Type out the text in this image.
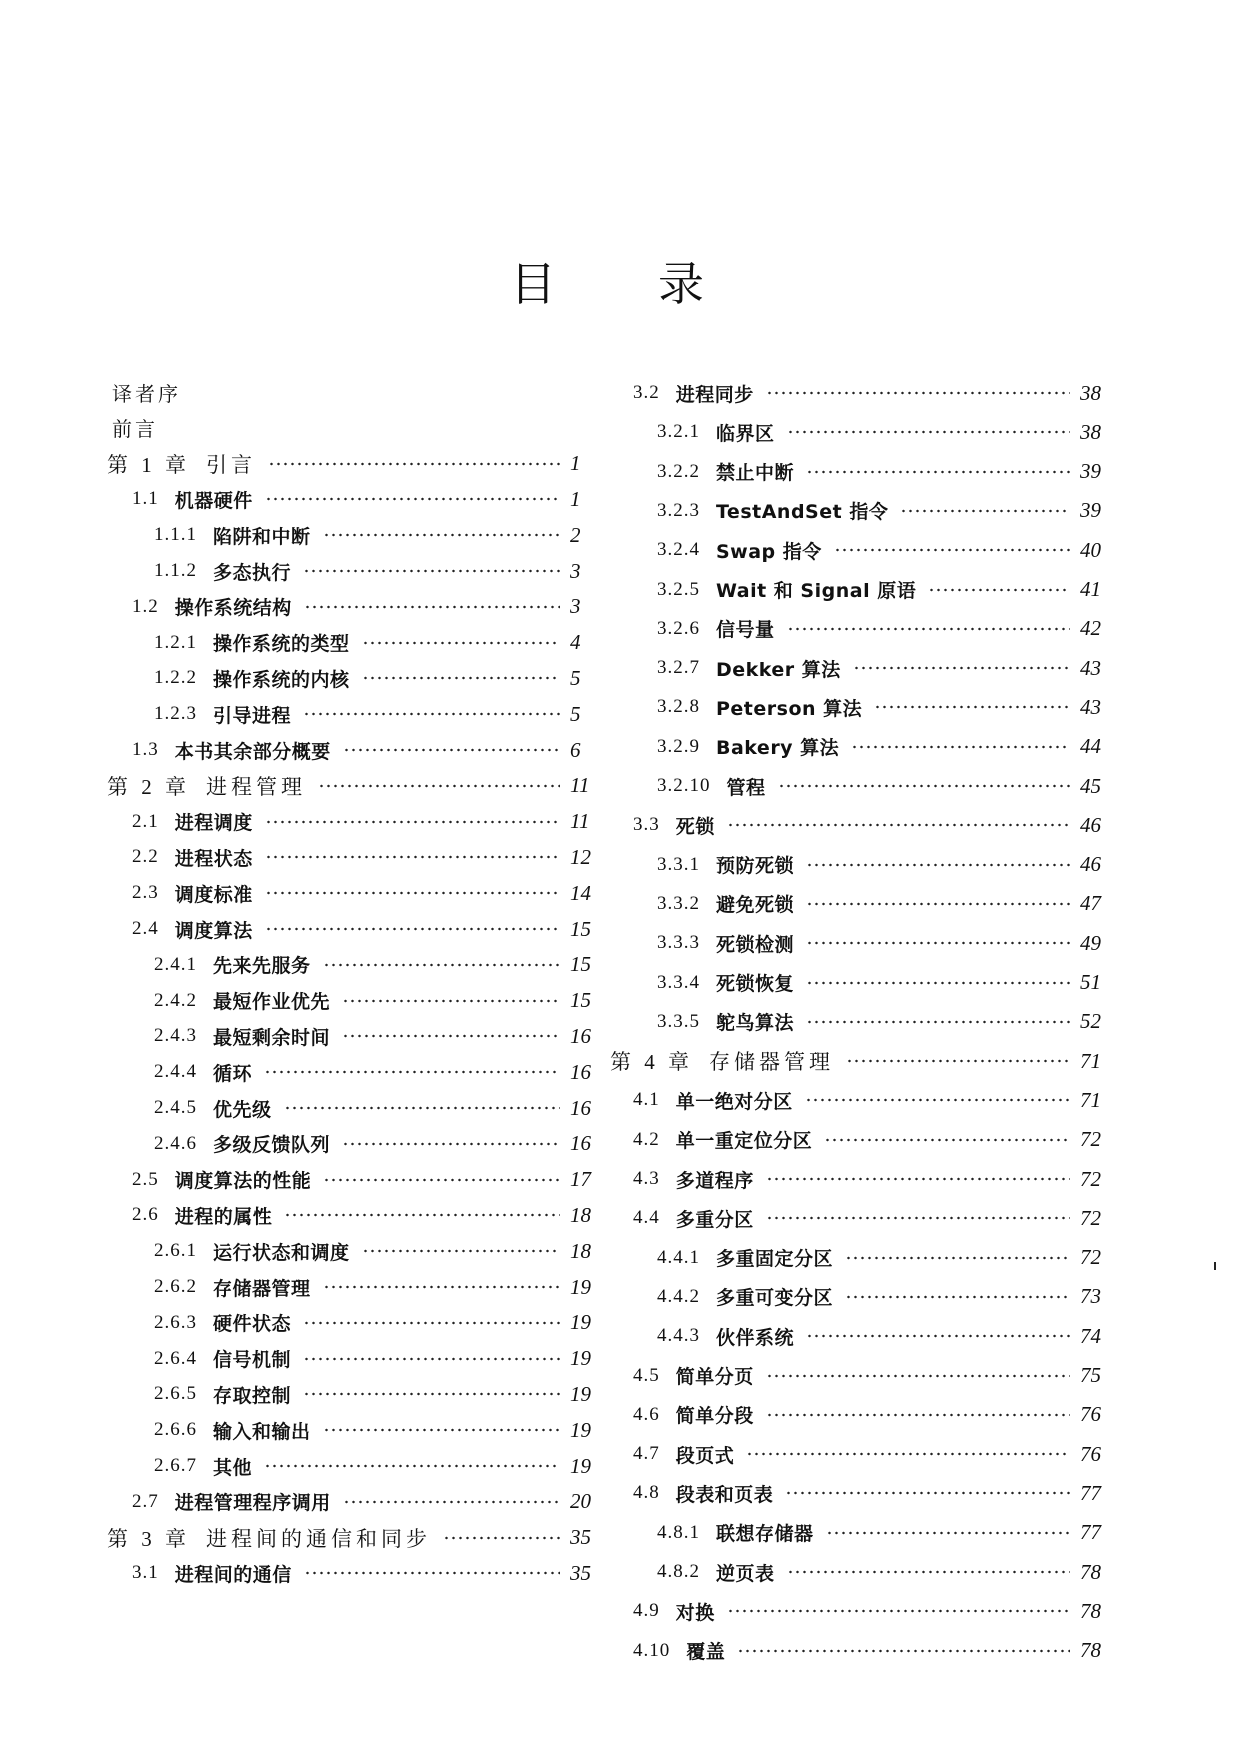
目 录
译者序
前言
第 1 章 引言	1
1.1 机器硬件	1
1.1.1 陷阱和中断	2
1.1.2 多态执行	3
1.2 操作系统结构	3
1.2.1 操作系统的类型	4
1.2.2 操作系统的内核	5
1.2.3 引导进程	5
1.3 本书其余部分概要	6
第 2 章 进程管理	11
2.1 进程调度	11
2.2 进程状态	12
2.3 调度标准	14
2.4 调度算法	15
2.4.1 先来先服务	15
2.4.2 最短作业优先	15
2.4.3 最短剩余时间	16
2.4.4 循环	16
2.4.5 优先级	16
2.4.6 多级反馈队列	16
2.5 调度算法的性能	17
2.6 进程的属性	18
2.6.1 运行状态和调度	18
2.6.2 存储器管理	19
2.6.3 硬件状态	19
2.6.4 信号机制	19
2.6.5 存取控制	19
2.6.6 输入和输出	19
2.6.7 其他	19
2.7 进程管理程序调用	20
第 3 章 进程间的通信和同步	35
3.1 进程间的通信	35
3.2 进程同步	38
3.2.1 临界区	38
3.2.2 禁止中断	39
3.2.3 TestAndSet 指令	39
3.2.4 Swap 指令	40
3.2.5 Wait 和 Signal 原语	41
3.2.6 信号量	42
3.2.7 Dekker 算法	43
3.2.8 Peterson 算法	43
3.2.9 Bakery 算法	44
3.2.10 管程	45
3.3 死锁	46
3.3.1 预防死锁	46
3.3.2 避免死锁	47
3.3.3 死锁检测	49
3.3.4 死锁恢复	51
3.3.5 鸵鸟算法	52
第 4 章 存储器管理	71
4.1 单一绝对分区	71
4.2 单一重定位分区	72
4.3 多道程序	72
4.4 多重分区	72
4.4.1 多重固定分区	72
4.4.2 多重可变分区	73
4.4.3 伙伴系统	74
4.5 简单分页	75
4.6 简单分段	76
4.7 段页式	76
4.8 段表和页表	77
4.8.1 联想存储器	77
4.8.2 逆页表	78
4.9 对换	78
4.10 覆盖	78
